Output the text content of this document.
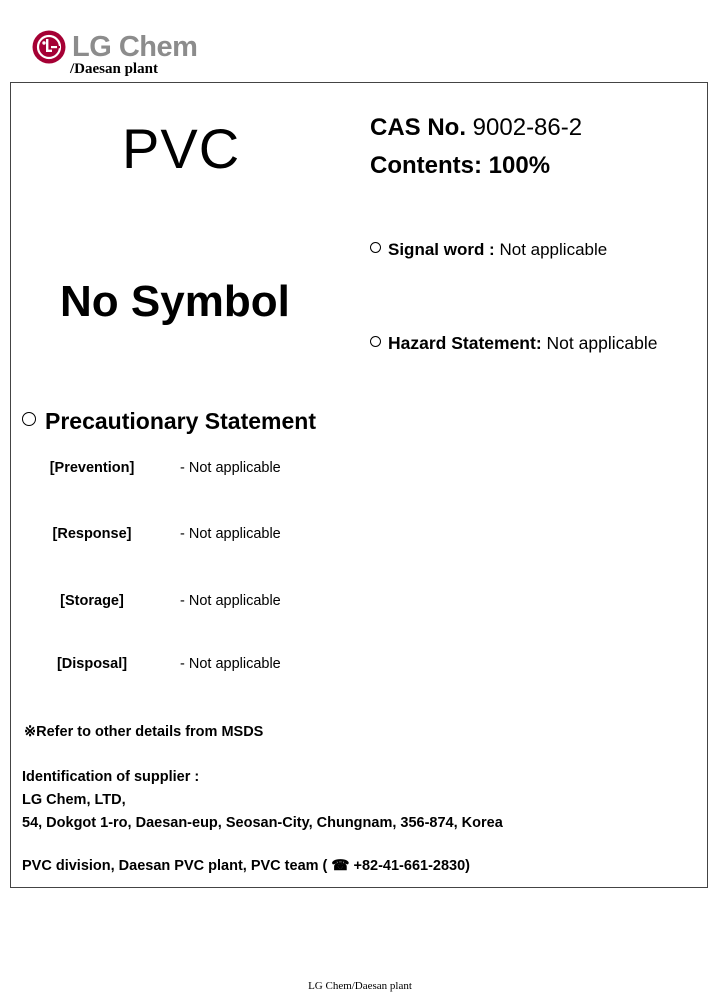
LG Chem
/Daesan plant
PVC	CAS No. 9002-86-2
Contents: 100%
No Symbol
Signal word : Not applicable
Hazard Statement: Not applicable
Precautionary Statement
[Prevention]	- Not applicable
[Response]	- Not applicable
[Storage]	- Not applicable
[Disposal]	- Not applicable
※Refer to other details from MSDS
Identification of supplier :
LG Chem, LTD,
54, Dokgot 1-ro, Daesan-eup, Seosan-City, Chungnam, 356-874, Korea
PVC division, Daesan PVC plant, PVC team ( ☎ +82-41-661-2830)
LG Chem/Daesan plant
